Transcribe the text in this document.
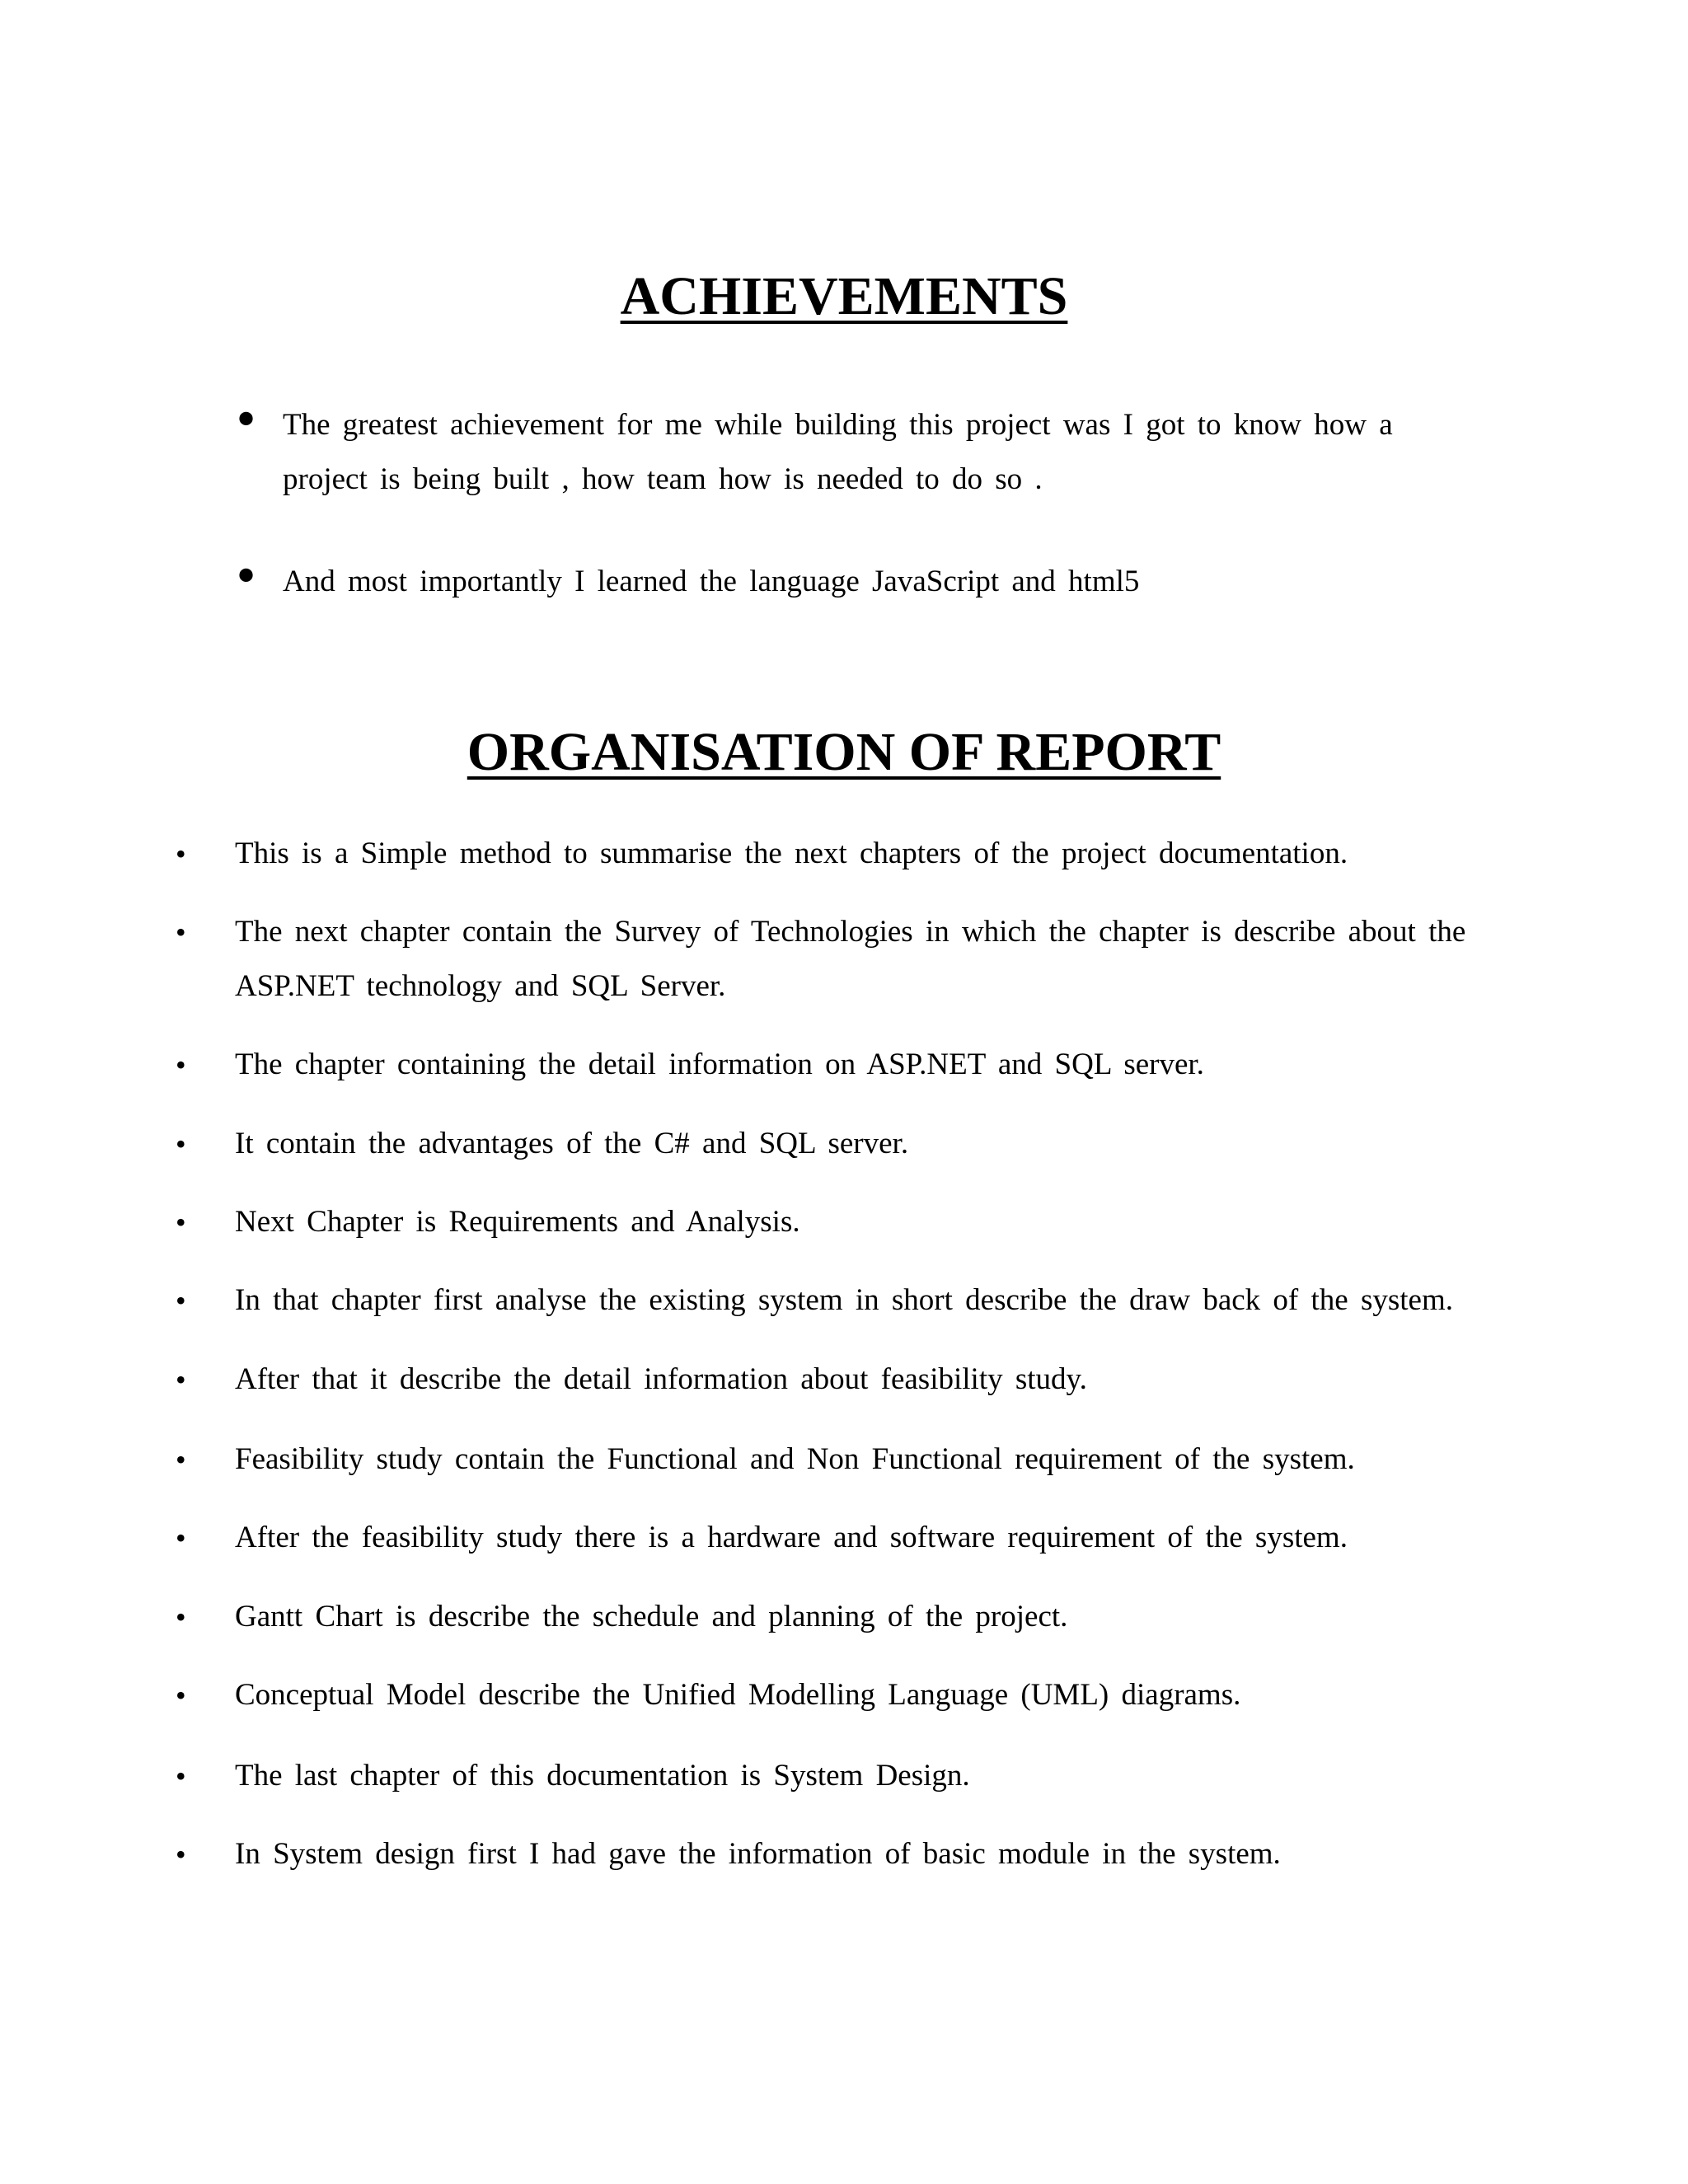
ACHIEVEMENTS
• The greatest achievement for me while building this project was I got to know how a project is being built , how team how is needed to do so .
• And most importantly I learned the language JavaScript and html5
ORGANISATION OF REPORT
• This is a Simple method to summarise the next chapters of the project documentation.
• The next chapter contain the Survey of Technologies in which the chapter is describe about the ASP.NET technology and SQL Server.
• The chapter containing the detail information on ASP.NET and SQL server.
• It contain the advantages of the C# and SQL server.
• Next Chapter is Requirements and Analysis.
• In that chapter first analyse the existing system in short describe the draw back of the system.
• After that it describe the detail information about feasibility study.
• Feasibility study contain the Functional and Non Functional requirement of the system.
• After the feasibility study there is a hardware and software requirement of the system.
• Gantt Chart is describe the schedule and planning of the project.
• Conceptual Model describe the Unified Modelling Language (UML) diagrams.
• The last chapter of this documentation is System Design.
• In System design first I had gave the information of basic module in the system.
